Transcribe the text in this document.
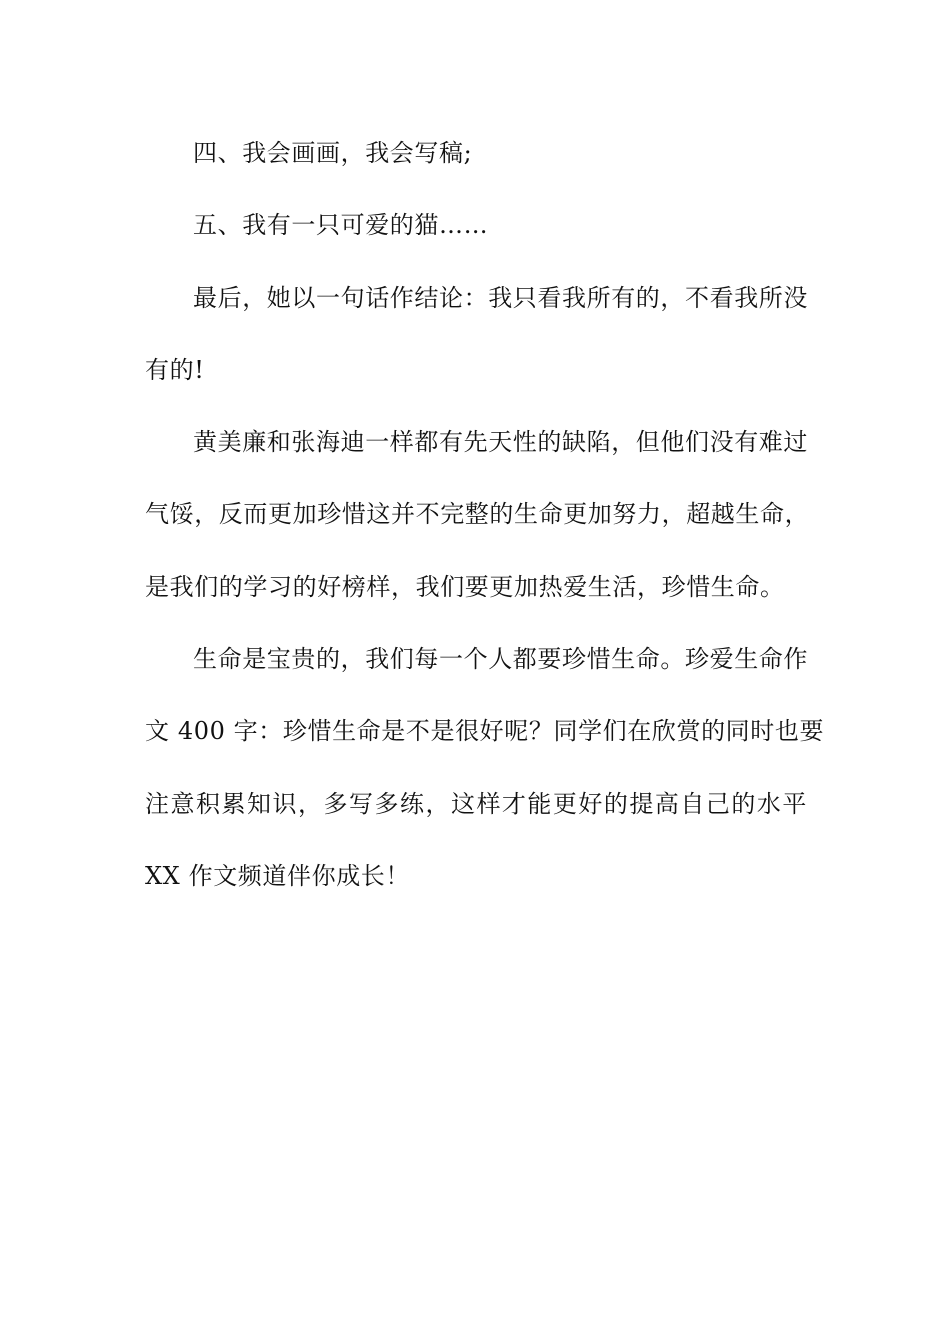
四、我会画画，我会写稿;
五、我有一只可爱的猫……
最后，她以一句话作结论：我只看我所有的，不看我所没
有的!
黄美廉和张海迪一样都有先天性的缺陷，但他们没有难过
气馁，反而更加珍惜这并不完整的生命更加努力，超越生命，
是我们的学习的好榜样，我们要更加热爱生活，珍惜生命。
生命是宝贵的，我们每一个人都要珍惜生命。珍爱生命作
文 400 字：珍惜生命是不是很好呢？同学们在欣赏的同时也要
注意积累知识，多写多练，这样才能更好的提高自己的水平
XX 作文频道伴你成长！
